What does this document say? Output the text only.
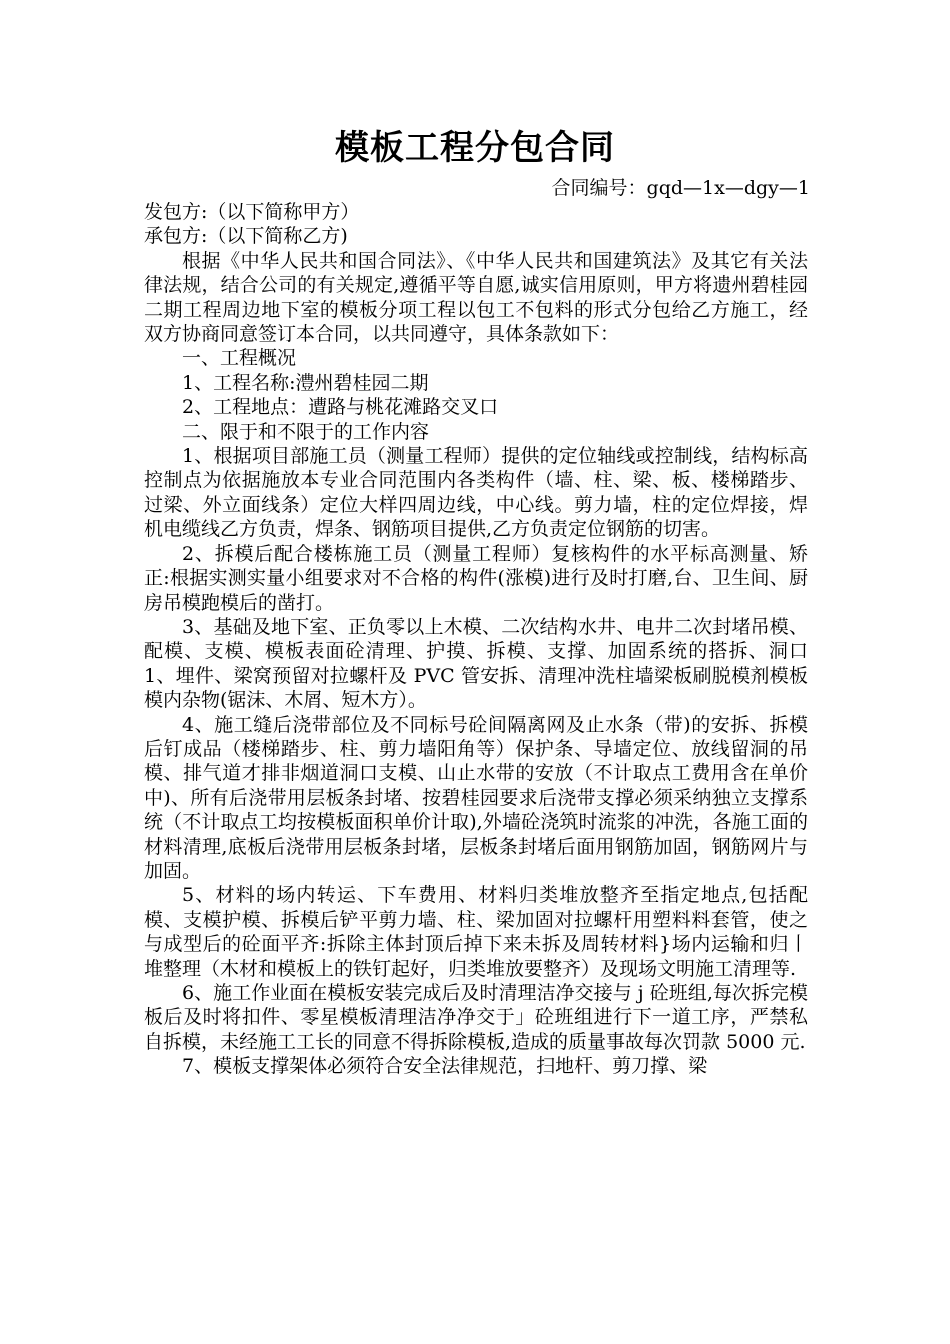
模板工程分包合同
合同编号：gqd—1x—dgy—1

发包方:（以下简称甲方）

承包方:（以下简称乙方)

根据《中华人民共和国合同法》、《中华人民共和国建筑法》及其它有关法律法规，结合公司的有关规定,遵循平等自愿,诚实信用原则，甲方将遗州碧桂园二期工程周边地下室的模板分项工程以包工不包料的形式分包给乙方施工，经双方协商同意签订本合同，以共同遵守，具体条款如下：

一、工程概况

1、工程名称:澧州碧桂园二期

2、工程地点：遭路与桃花滩路交叉口

二、限于和不限于的工作内容

1、根据项目部施工员（测量工程师）提供的定位轴线或控制线，结构标高控制点为依据施放本专业合同范围内各类构件（墙、柱、梁、板、楼梯踏步、过梁、外立面线条）定位大样四周边线，中心线。剪力墙，柱的定位焊接，焊机电缆线乙方负责，焊条、钢筋项目提供,乙方负责定位钢筋的切害。

2、拆模后配合楼栋施工员（测量工程师）复核构件的水平标高测量、矫正:根据实测实量小组要求对不合格的构件(涨模)进行及时打磨,台、卫生间、厨房吊模跑模后的凿打。

3、基础及地下室、正负零以上木模、二次结构水井、电井二次封堵吊模、配模、支模、模板表面砼清理、护摸、拆模、支撑、加固系统的搭拆、洞口 1、埋件、梁窝预留对拉螺杆及 PVC 管安拆、清理冲洗柱墙梁板刷脱模剂模板模内杂物(锯沫、木屑、短木方）。

4、施工缝后浇带部位及不同标号砼间隔离网及止水条（带)的安拆、拆模后钉成品（楼梯踏步、柱、剪力墙阳角等）保护条、导墙定位、放线留洞的吊模、排气道才排非烟道洞口支模、山止水带的安放（不计取点工费用含在单价中)、所有后浇带用层板条封堵、按碧桂园要求后浇带支撑必须采纳独立支撑系统（不计取点工均按模板面积单价计取),外墙砼浇筑时流浆的冲洗，各施工面的材料清理,底板后浇带用层板条封堵，层板条封堵后面用钢筋加固，钢筋网片与加固。

5、材料的场内转运、下车费用、材料归类堆放整齐至指定地点,包括配模、支模护模、拆模后铲平剪力墙、柱、梁加固对拉螺杆用塑料料套管，使之与成型后的砼面平齐:拆除主体封顶后掉下来未拆及周转材料}场内运输和归丨堆整理（木材和模板上的铁钉起好，归类堆放要整齐）及现场文明施工清理等.

6、施工作业面在模板安装完成后及时清理洁净交接与 j 砼班组,每次拆完模板后及时将扣件、零星模板清理洁净净交于」砼班组进行下一道工序，严禁私自拆模，未经施工工长的同意不得拆除模板,造成的质量事故每次罚款 5000 元.

7、模板支撑架体必须符合安全法律规范，扫地杆、剪刀撑、梁
